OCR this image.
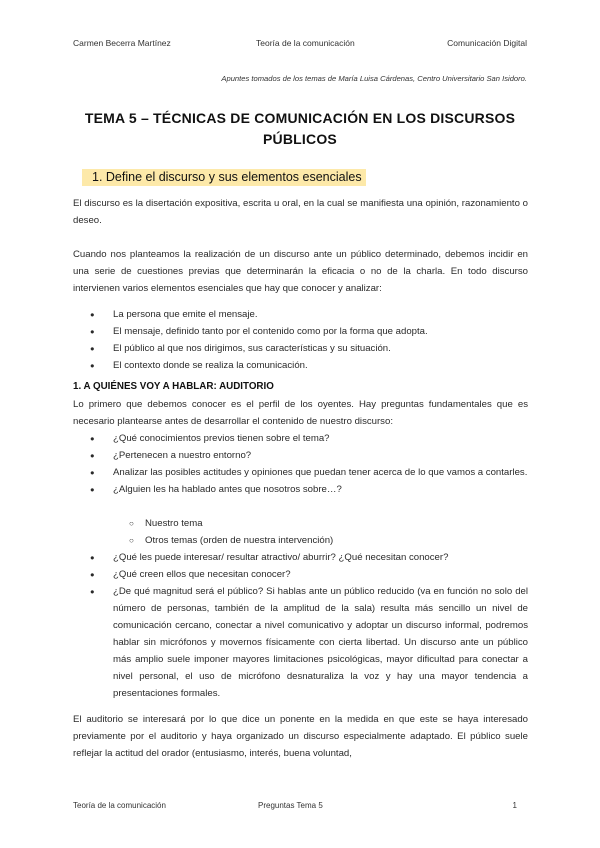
Carmen Becerra Martínez	Teoría de la comunicación	Comunicación Digital
Apuntes tomados de los temas de María Luisa Cárdenas, Centro Universitario San Isidoro.
TEMA 5 – TÉCNICAS DE COMUNICACIÓN EN LOS DISCURSOS PÚBLICOS
1. Define el discurso y sus elementos esenciales
El discurso es la disertación expositiva, escrita u oral, en la cual se manifiesta una opinión, razonamiento o deseo.
Cuando nos planteamos la realización de un discurso ante un público determinado, debemos incidir en una serie de cuestiones previas que determinarán la eficacia o no de la charla. En todo discurso intervienen varios elementos esenciales que hay que conocer y analizar:
● La persona que emite el mensaje.
● El mensaje, definido tanto por el contenido como por la forma que adopta.
● El público al que nos dirigimos, sus características y su situación.
● El contexto donde se realiza la comunicación.
1. A QUIÉNES VOY A HABLAR: AUDITORIO
Lo primero que debemos conocer es el perfil de los oyentes. Hay preguntas fundamentales que es necesario plantearse antes de desarrollar el contenido de nuestro discurso:
● ¿Qué conocimientos previos tienen sobre el tema?
● ¿Pertenecen a nuestro entorno?
● Analizar las posibles actitudes y opiniones que puedan tener acerca de lo que vamos a contarles.
● ¿Alguien les ha hablado antes que nosotros sobre…?
○ Nuestro tema
○ Otros temas (orden de nuestra intervención)
● ¿Qué les puede interesar/ resultar atractivo/ aburrir? ¿Qué necesitan conocer?
● ¿Qué creen ellos que necesitan conocer?
● ¿De qué magnitud será el público? Si hablas ante un público reducido (va en función no solo del número de personas, también de la amplitud de la sala) resulta más sencillo un nivel de comunicación cercano, conectar a nivel comunicativo y adoptar un discurso informal, podremos hablar sin micrófonos y movernos físicamente con cierta libertad. Un discurso ante un público más amplio suele imponer mayores limitaciones psicológicas, mayor dificultad para conectar a nivel personal, el uso de micrófono desnaturaliza la voz y hay una mayor tendencia a presentaciones formales.
El auditorio se interesará por lo que dice un ponente en la medida en que este se haya interesado previamente por el auditorio y haya organizado un discurso especialmente adaptado. El público suele reflejar la actitud del orador (entusiasmo, interés, buena voluntad,
Teoría de la comunicación	Preguntas Tema 5	1
